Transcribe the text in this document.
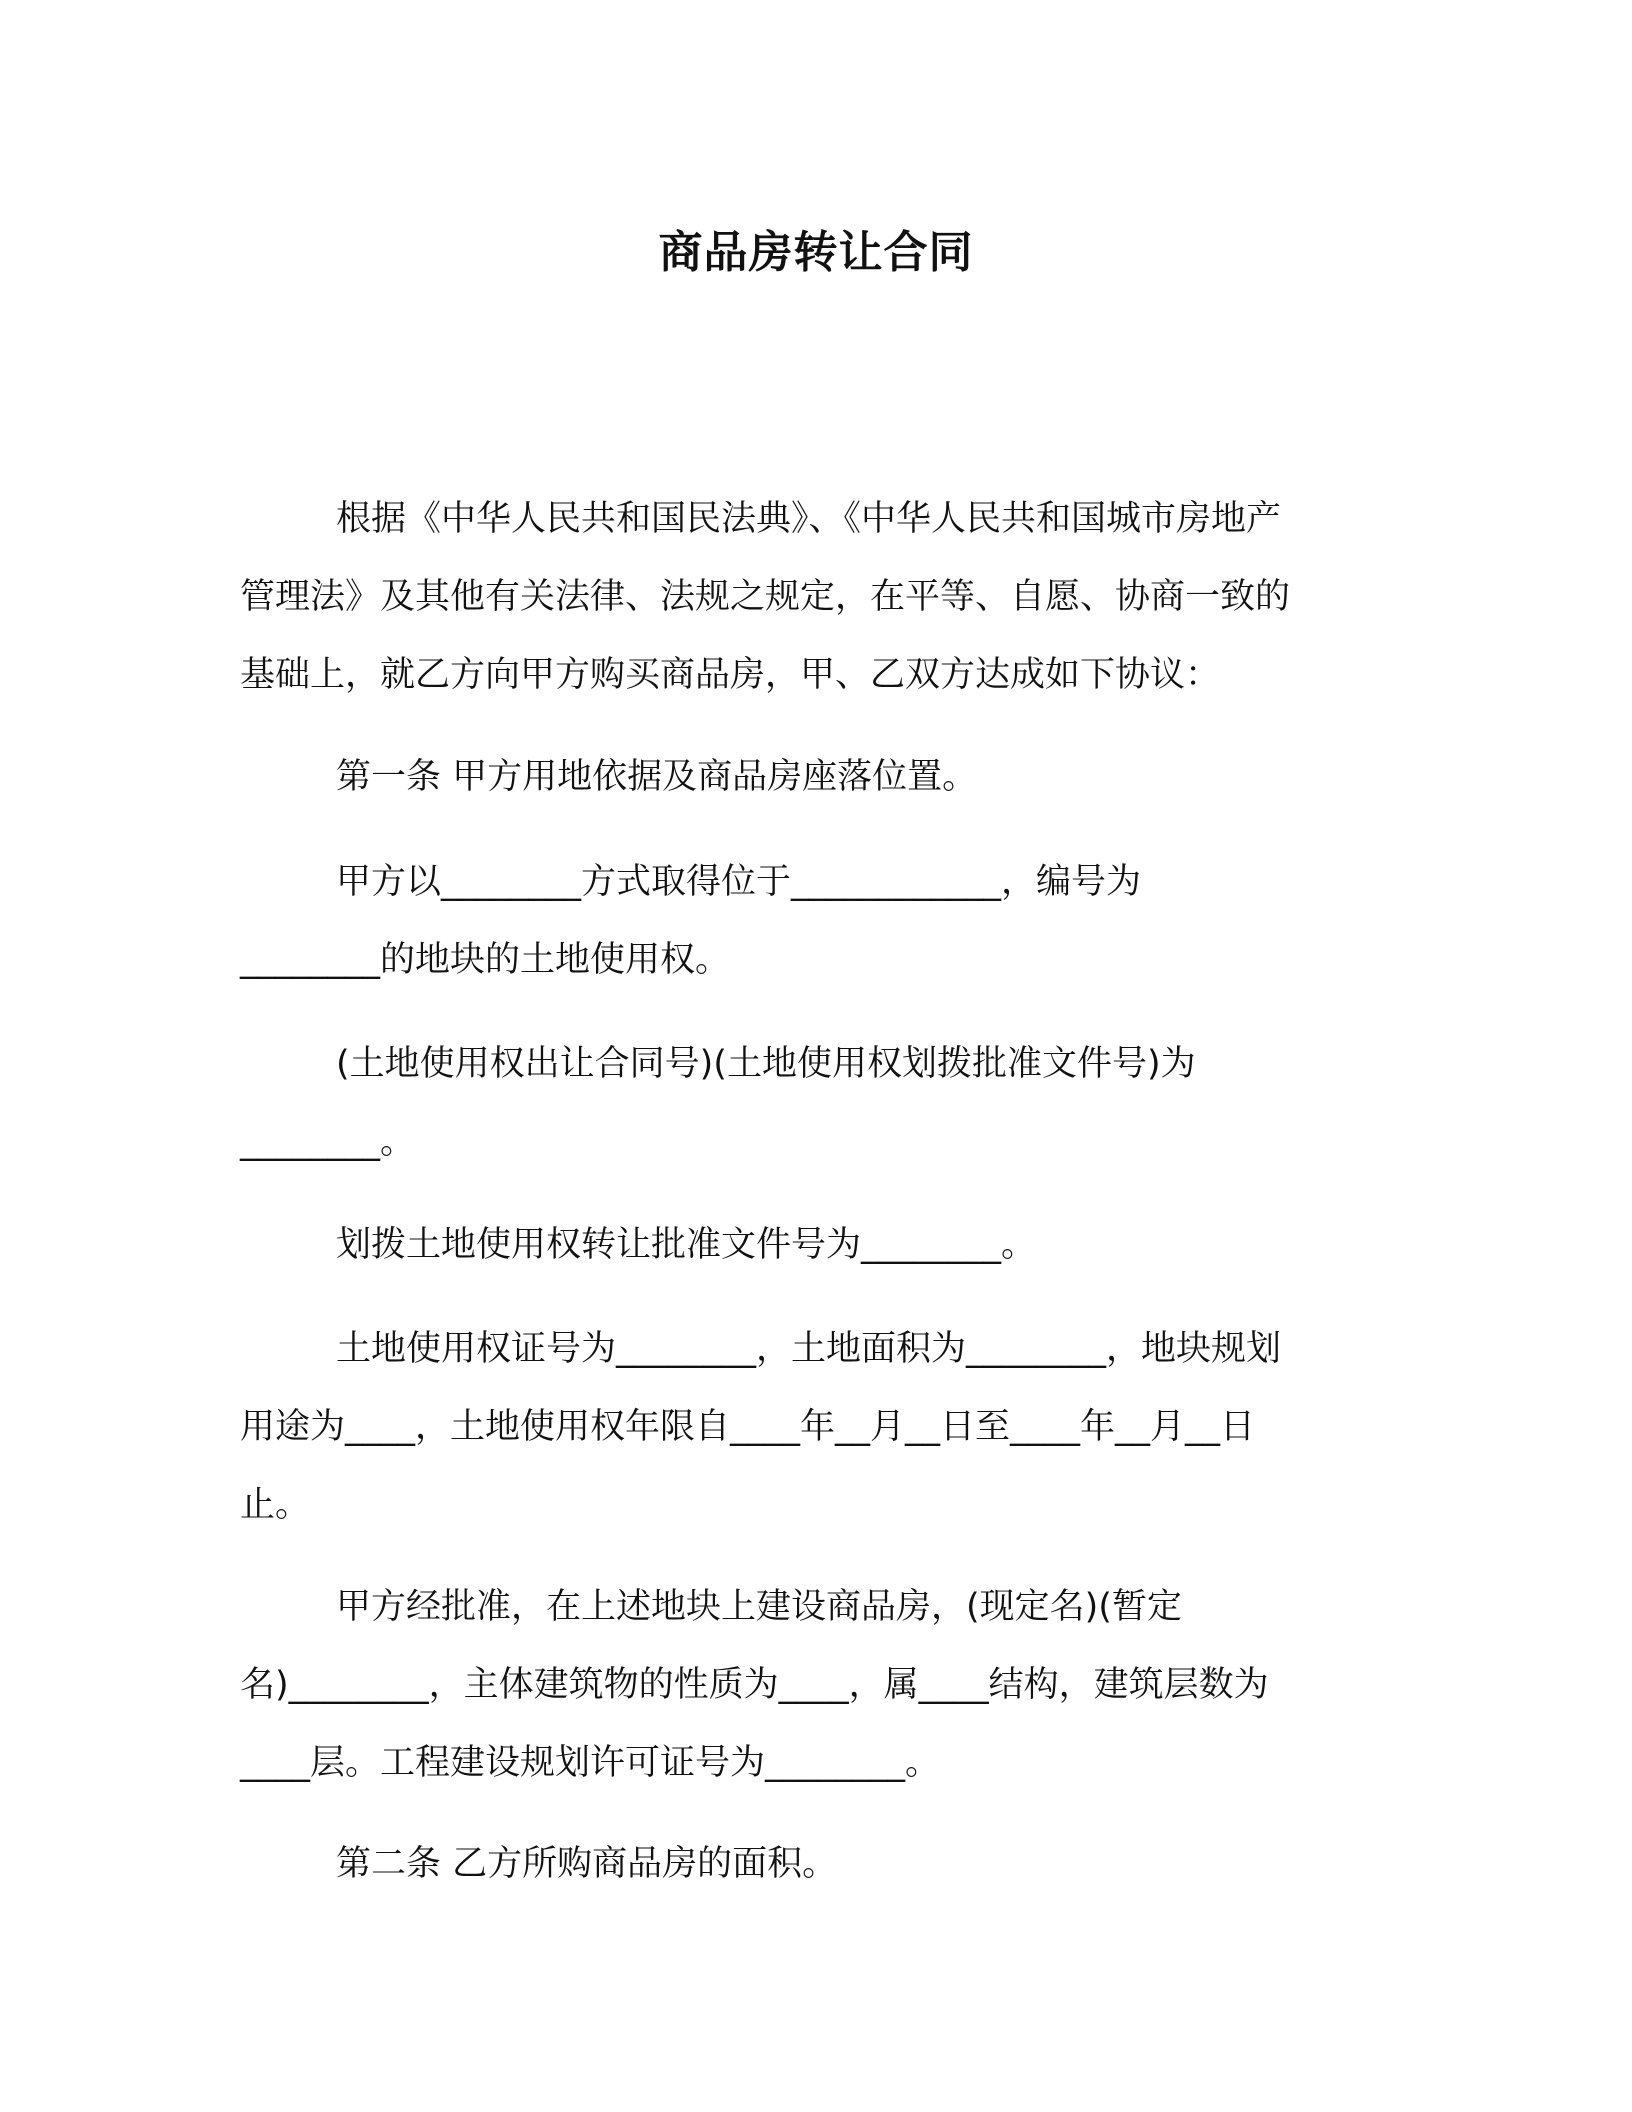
商品房转让合同
根据《中华人民共和国民法典》、《中华人民共和国城市房地产
管理法》及其他有关法律、法规之规定，在平等、自愿、协商一致的
基础上，就乙方向甲方购买商品房，甲、乙双方达成如下协议：
第一条 甲方用地依据及商品房座落位置。
甲方以________方式取得位于____________，编号为
________的地块的土地使用权。
(土地使用权出让合同号)(土地使用权划拨批准文件号)为
________。
划拨土地使用权转让批准文件号为________。
土地使用权证号为________，土地面积为________，地块规划
用途为____，土地使用权年限自____年__月__日至____年__月__日
止。
甲方经批准，在上述地块上建设商品房，(现定名)(暂定
名)________，主体建筑物的性质为____，属____结构，建筑层数为
____层。工程建设规划许可证号为________。
第二条 乙方所购商品房的面积。
